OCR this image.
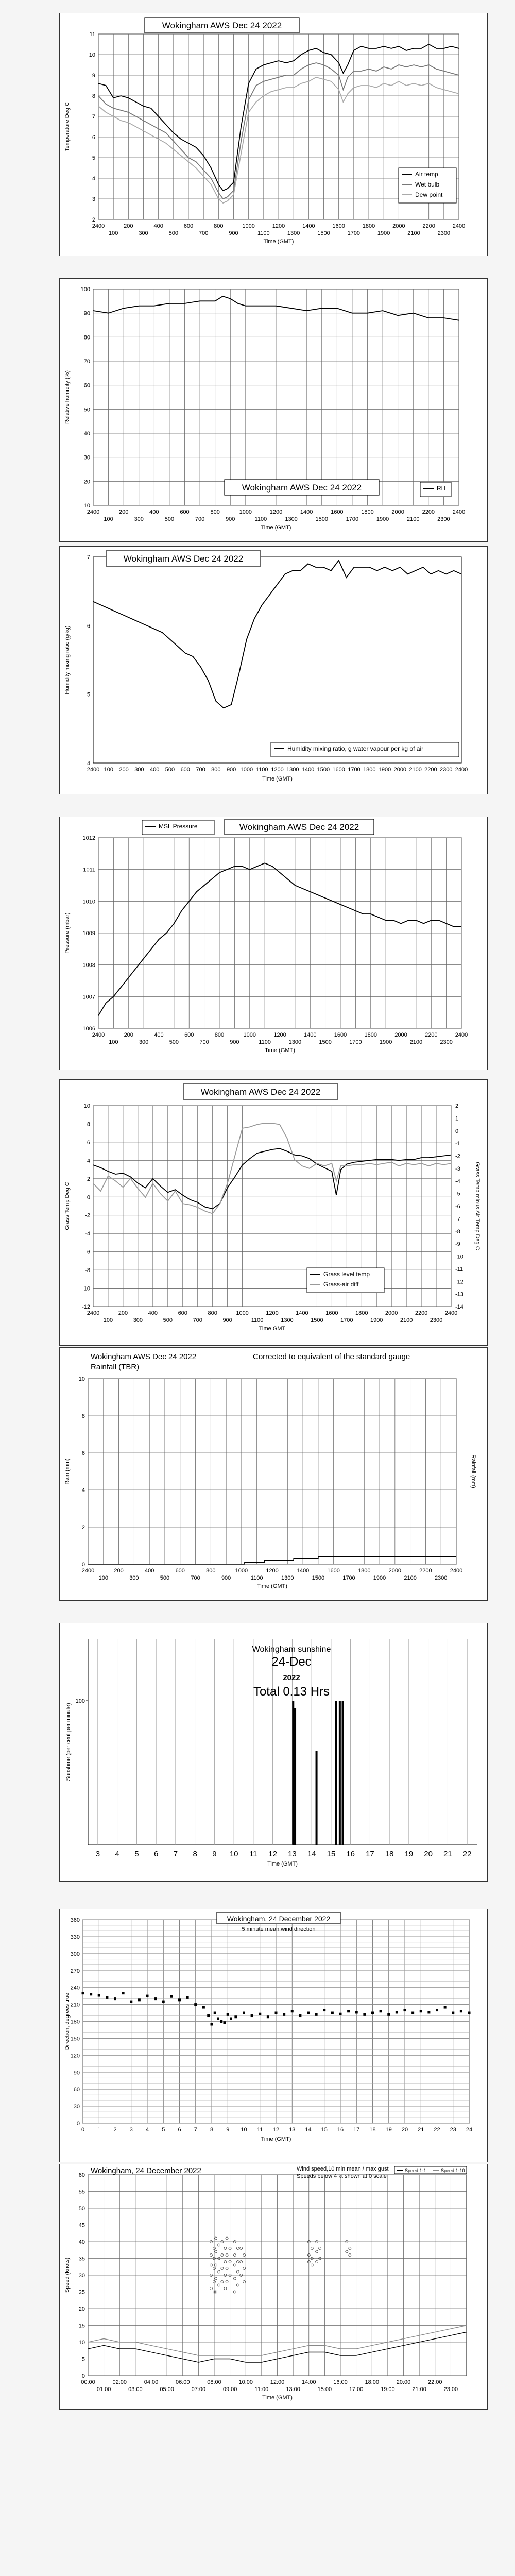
2
3
4
5
6
7
8
9
10
11
2400
100
200
300
400
500
600
700
800
900
1000
1100
1200
1300
1400
1500
1600
1700
1800
1900
2000
2100
2200
2300
2400
Time (GMT)
Temperature Deg C
Wokingham AWS Dec 24 2022
Air temp
Wet bulb
Dew point
10
20
30
40
50
60
70
80
90
100
2400
100
200
300
400
500
600
700
800
900
1000
1100
1200
1300
1400
1500
1600
1700
1800
1900
2000
2100
2200
2300
2400
Time (GMT)
Relative humidity (%)
Wokingham AWS Dec 24 2022	RH
4
5
6
7
2400 100 200 300 400 500 600 700 800 900 1000 1100 1200 1300 1400 1500 1600 1700 1800 1900 2000 2100 2200 2300 2400
Time (GMT)
Humidity mixing ratio (g/kg)
Wokingham AWS Dec 24 2022
Humidity mixing ratio, g water vapour per kg of air
1006
1007
1008
1009
1010
1011
1012
2400
100
200
300
400
500
600
700
800
900
1000
1100
1200
1300
1400
1500
1600
1700
1800
1900
2000
2100
2200
2300
2400
Time (GMT)
Pressure (mbar)
MSL Pressure	Wokingham AWS Dec 24 2022
-12
-10
-8
-6
-4
-2
0
2
4
6
8
10
2400
100
200
300
400
500
600
700
800
900
1000
1100
1200
1300
1400
1500
1600
1700
1800
1900
2000
2100
2200
2300
2400
Time GMT
Grass Temp Deg C
-14
-13
-12
-11
-10
-9
-8
-7
-6
-5
-4
-3
-2
-1
0
1
2
Grass Temp minus Air Temp Deg C
Wokingham AWS Dec 24 2022
Grass level temp
Grass-air diff
0
2
4
6
8
10
2400
100
200
300
400
500
600
700
800
900
1000
1100
1200
1300
1400
1500
1600
1700
1800
1900
2000
2100
2200
2300
2400
Time (GMT)
Rain (mm)
Wokingham AWS Dec 24 2022
Rainfall (TBR)
Corrected to equivalent of the standard gauge
Rainfall (mm)
3 4 5 6 7 8 9 10 11 12 13 14 15 16 17 18 19 20 21 22
100
Time (GMT)
Sunshine (per cent per minute)
Wokingham sunshine
24-Dec
2022
Total 0.13 Hrs
0
30
60
90
120
150
180
210
240
270
300
330
360
0 1 2 3 4 5 6 7 8 9 10 11 12 13 14 15 16 17 18 19 20 21 22 23 24
Time (GMT)
Direction, degrees true
Wokingham, 24 December 2022
5 minute mean wind direction
0
5
10
15
20
25
30
35
40
45
50
55
60
00:00
01:00
02:00
03:00
04:00
05:00
06:00
07:00
08:00
09:00
10:00
11:00
12:00
13:00
14:00
15:00
16:00
17:00
18:00
19:00
20:00
21:00
22:00
23:00
Time (GMT)
Speed (knots)
Wokingham, 24 December 2022	Wind speed,10 min mean / max gust
Speeds below 4 kt shown at 0 scale
Speed 1-1	Speed 1-10
